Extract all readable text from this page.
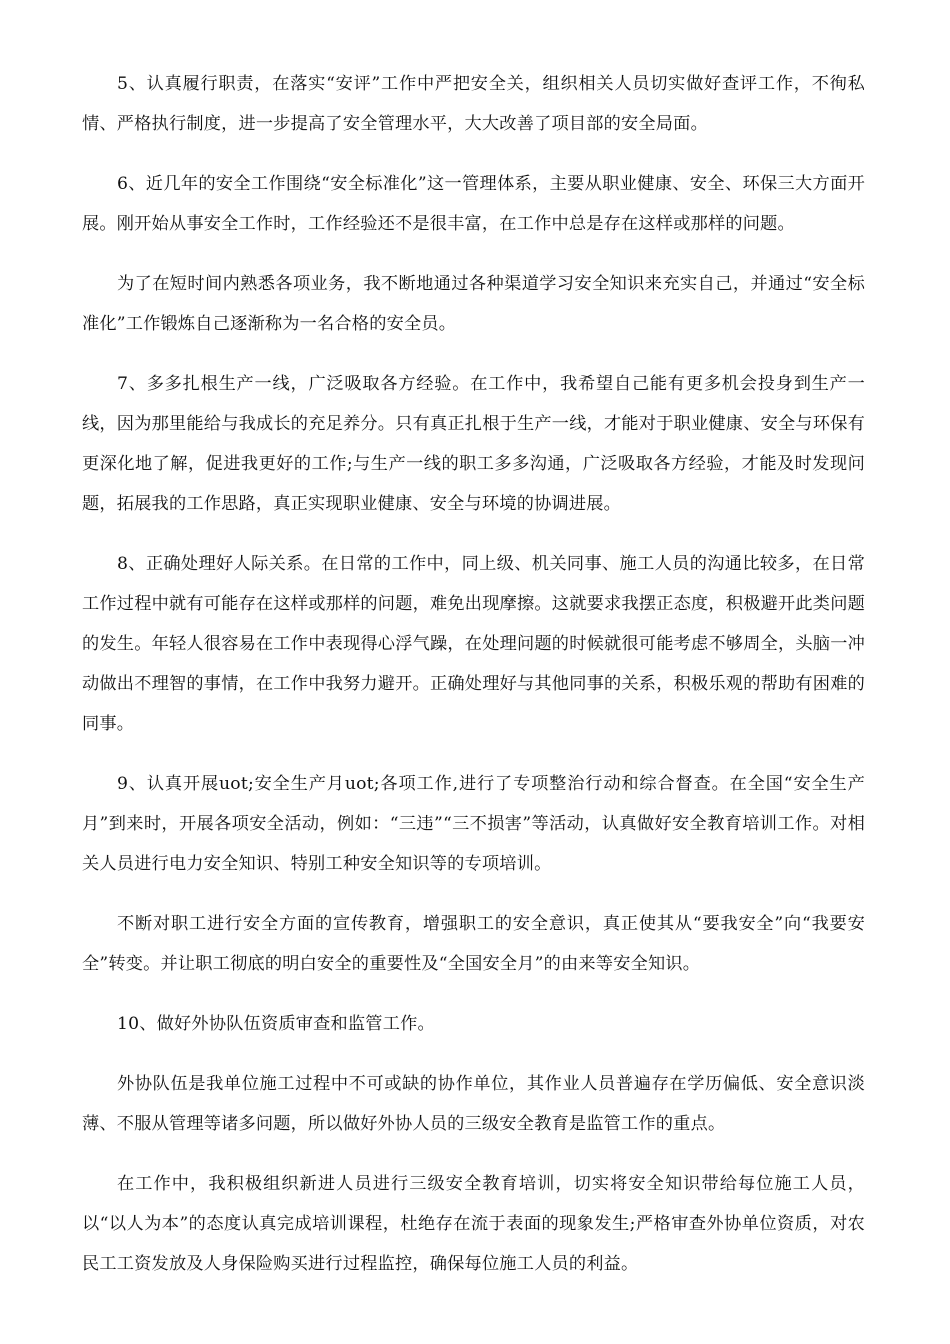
5、认真履行职责，在落实“安评”工作中严把安全关，组织相关人员切实做好查评工作，不徇私情、严格执行制度，进一步提高了安全管理水平，大大改善了项目部的安全局面。

6、近几年的安全工作围绕“安全标准化”这一管理体系，主要从职业健康、安全、环保三大方面开展。刚开始从事安全工作时，工作经验还不是很丰富，在工作中总是存在这样或那样的问题。

为了在短时间内熟悉各项业务，我不断地通过各种渠道学习安全知识来充实自己，并通过“安全标准化”工作锻炼自己逐渐称为一名合格的安全员。

7、多多扎根生产一线，广泛吸取各方经验。在工作中，我希望自己能有更多机会投身到生产一线，因为那里能给与我成长的充足养分。只有真正扎根于生产一线，才能对于职业健康、安全与环保有更深化地了解，促进我更好的工作;与生产一线的职工多多沟通，广泛吸取各方经验，才能及时发现问题，拓展我的工作思路，真正实现职业健康、安全与环境的协调进展。

8、正确处理好人际关系。在日常的工作中，同上级、机关同事、施工人员的沟通比较多，在日常工作过程中就有可能存在这样或那样的问题，难免出现摩擦。这就要求我摆正态度，积极避开此类问题的发生。年轻人很容易在工作中表现得心浮气躁，在处理问题的时候就很可能考虑不够周全，头脑一冲动做出不理智的事情，在工作中我努力避开。正确处理好与其他同事的关系，积极乐观的帮助有困难的同事。

9、认真开展uot;安全生产月uot;各项工作,进行了专项整治行动和综合督查。在全国“安全生产月”到来时，开展各项安全活动，例如：“三违”“三不损害”等活动，认真做好安全教育培训工作。对相关人员进行电力安全知识、特别工种安全知识等的专项培训。

不断对职工进行安全方面的宣传教育，增强职工的安全意识，真正使其从“要我安全”向“我要安全”转变。并让职工彻底的明白安全的重要性及“全国安全月”的由来等安全知识。

10、做好外协队伍资质审查和监管工作。

外协队伍是我单位施工过程中不可或缺的协作单位，其作业人员普遍存在学历偏低、安全意识淡薄、不服从管理等诸多问题，所以做好外协人员的三级安全教育是监管工作的重点。

在工作中，我积极组织新进人员进行三级安全教育培训，切实将安全知识带给每位施工人员，以“以人为本”的态度认真完成培训课程，杜绝存在流于表面的现象发生;严格审查外协单位资质，对农民工工资发放及人身保险购买进行过程监控，确保每位施工人员的利益。
